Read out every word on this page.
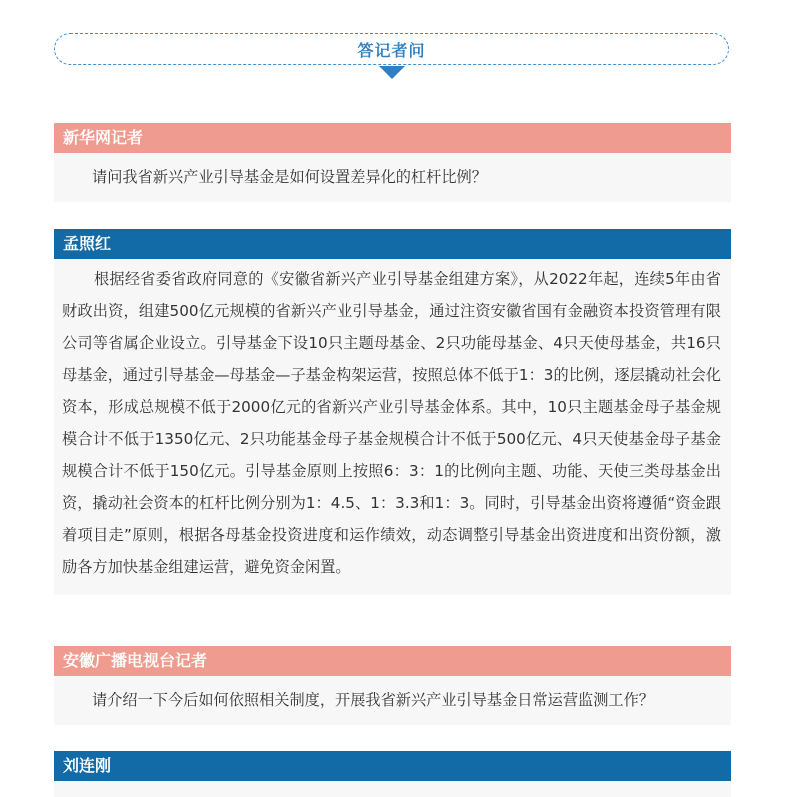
答记者问
新华网记者
请问我省新兴产业引导基金是如何设置差异化的杠杆比例？
孟照红
根据经省委省政府同意的《安徽省新兴产业引导基金组建方案》，从2022年起，连续5年由省财政出资，组建500亿元规模的省新兴产业引导基金，通过注资安徽省国有金融资本投资管理有限公司等省属企业设立。引导基金下设10只主题母基金、2只功能母基金、4只天使母基金，共16只母基金，通过引导基金—母基金—子基金构架运营，按照总体不低于1：3的比例，逐层撬动社会化资本，形成总规模不低于2000亿元的省新兴产业引导基金体系。其中，10只主题基金母子基金规模合计不低于1350亿元、2只功能基金母子基金规模合计不低于500亿元、4只天使基金母子基金规模合计不低于150亿元。引导基金原则上按照6：3：1的比例向主题、功能、天使三类母基金出资，撬动社会资本的杠杆比例分别为1：4.5、1：3.3和1：3。同时，引导基金出资将遵循“资金跟着项目走”原则，根据各母基金投资进度和运作绩效，动态调整引导基金出资进度和出资份额，激励各方加快基金组建运营，避免资金闲置。
安徽广播电视台记者
请介绍一下今后如何依照相关制度，开展我省新兴产业引导基金日常运营监测工作？
刘连刚
